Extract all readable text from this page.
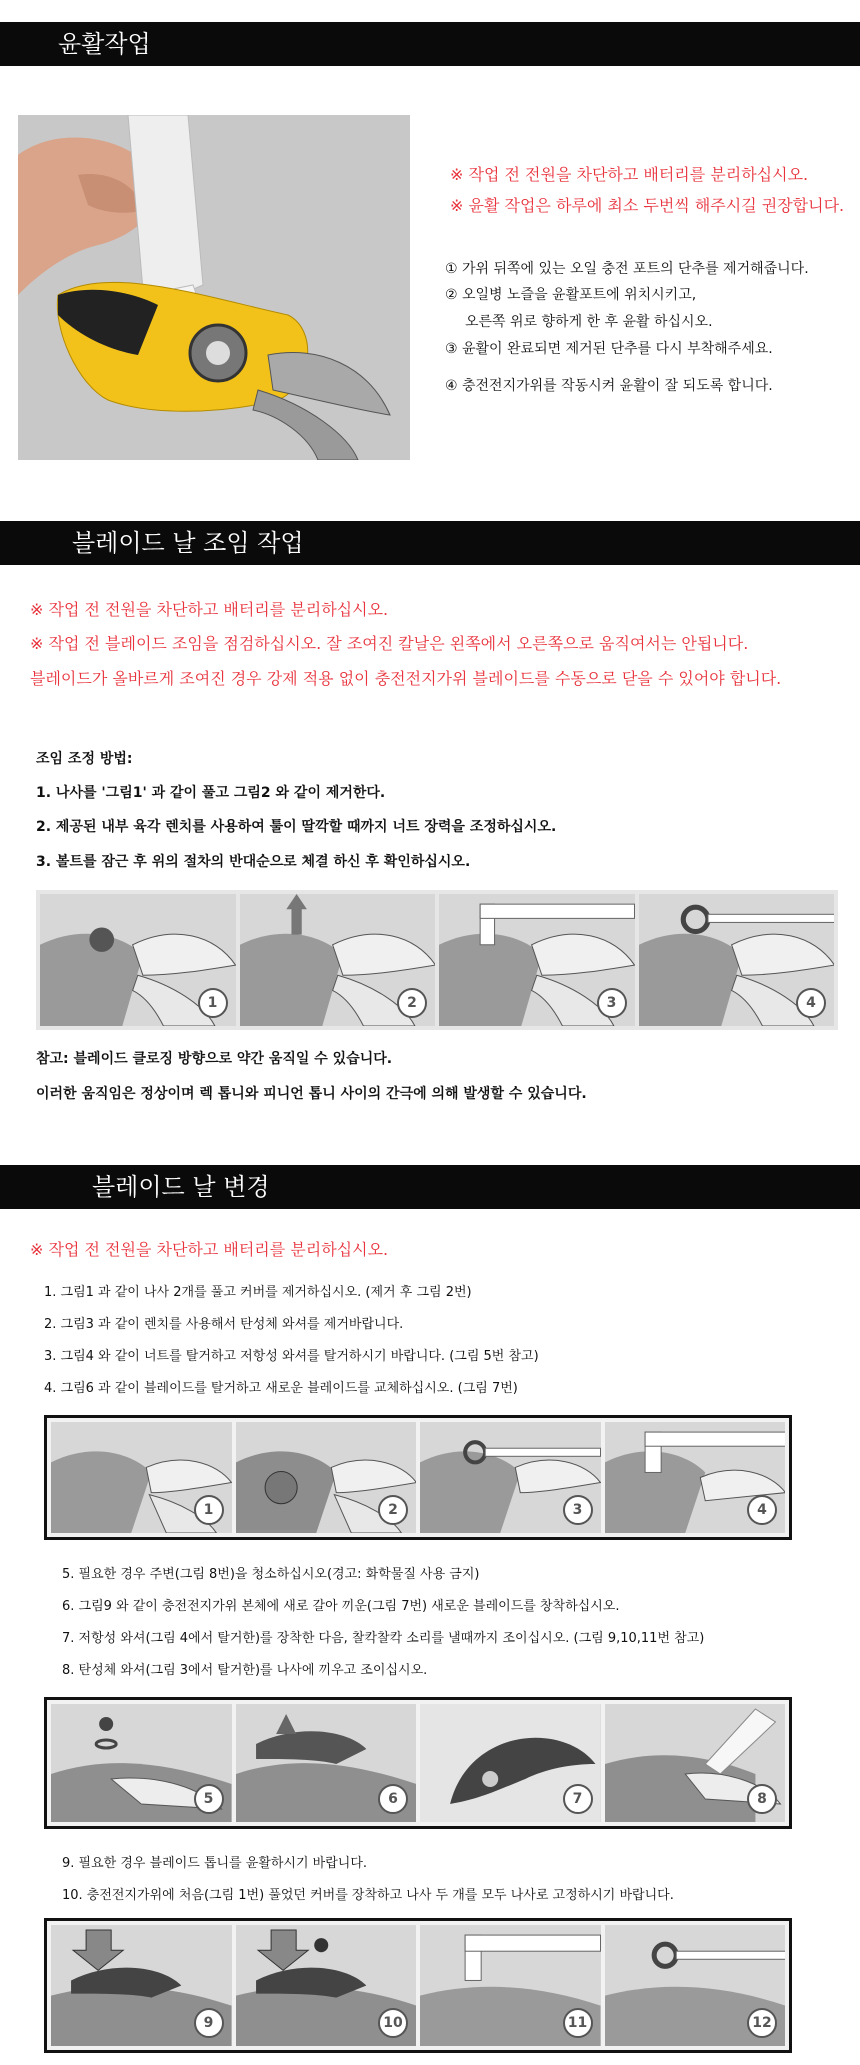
윤활작업
※ 작업 전 전원을 차단하고 배터리를 분리하십시오.
※ 윤활 작업은 하루에 최소 두번씩 해주시길 권장합니다.
① 가위 뒤쪽에 있는 오일 충전 포트의 단추를 제거해줍니다.
② 오일병 노즐을 윤활포트에 위치시키고,
오른쪽 위로 향하게 한 후 윤활 하십시오.
③ 윤활이 완료되면 제거된 단추를 다시 부착해주세요.
④ 충전전지가위를 작동시켜 윤활이 잘 되도록 합니다.
블레이드 날 조임 작업
※ 작업 전 전원을 차단하고 배터리를 분리하십시오.
※ 작업 전 블레이드 조임을 점검하십시오. 잘 조여진 칼날은 왼쪽에서 오른쪽으로 움직여서는 안됩니다.
블레이드가 올바르게 조여진 경우 강제 적용 없이 충전전지가위 블레이드를 수동으로 닫을 수 있어야 합니다.
조임 조정 방법:
1. 나사를 '그림1' 과 같이 풀고 그림2 와 같이 제거한다.
2. 제공된 내부 육각 렌치를 사용하여 툴이 딸깍할 때까지 너트 장력을 조정하십시오.
3. 볼트를 잠근 후 위의 절차의 반대순으로 체결 하신 후 확인하십시오.
1	2	3	4
참고: 블레이드 클로징 방향으로 약간 움직일 수 있습니다.
이러한 움직임은 정상이며 렉 톱니와 피니언 톱니 사이의 간극에 의해 발생할 수 있습니다.
블레이드 날 변경
※ 작업 전 전원을 차단하고 배터리를 분리하십시오.
1. 그림1 과 같이 나사 2개를 풀고 커버를 제거하십시오. (제거 후 그림 2번)
2. 그림3 과 같이 렌치를 사용해서 탄성체 와셔를 제거바랍니다.
3. 그림4 와 같이 너트를 탈거하고 저항성 와셔를 탈거하시기 바랍니다. (그림 5번 참고)
4. 그림6 과 같이 블레이드를 탈거하고 새로운 블레이드를 교체하십시오. (그림 7번)
1	2	3	4
5. 필요한 경우 주변(그림 8번)을 청소하십시오(경고: 화학물질 사용 금지)
6. 그림9 와 같이 충전전지가위 본체에 새로 갈아 끼운(그림 7번) 새로운 블레이드를 창착하십시오.
7. 저항성 와셔(그림 4에서 탈거한)를 장착한 다음, 찰칵찰칵 소리를 낼때까지 조이십시오. (그림 9,10,11번 참고)
8. 탄성체 와셔(그림 3에서 탈거한)를 나사에 끼우고 조이십시오.
5	6	7	8
9. 필요한 경우 블레이드 톱니를 윤활하시기 바랍니다.
10. 충전전지가위에 처음(그림 1번) 풀었던 커버를 장착하고 나사 두 개를 모두 나사로 고정하시기 바랍니다.
9	10	11	12
